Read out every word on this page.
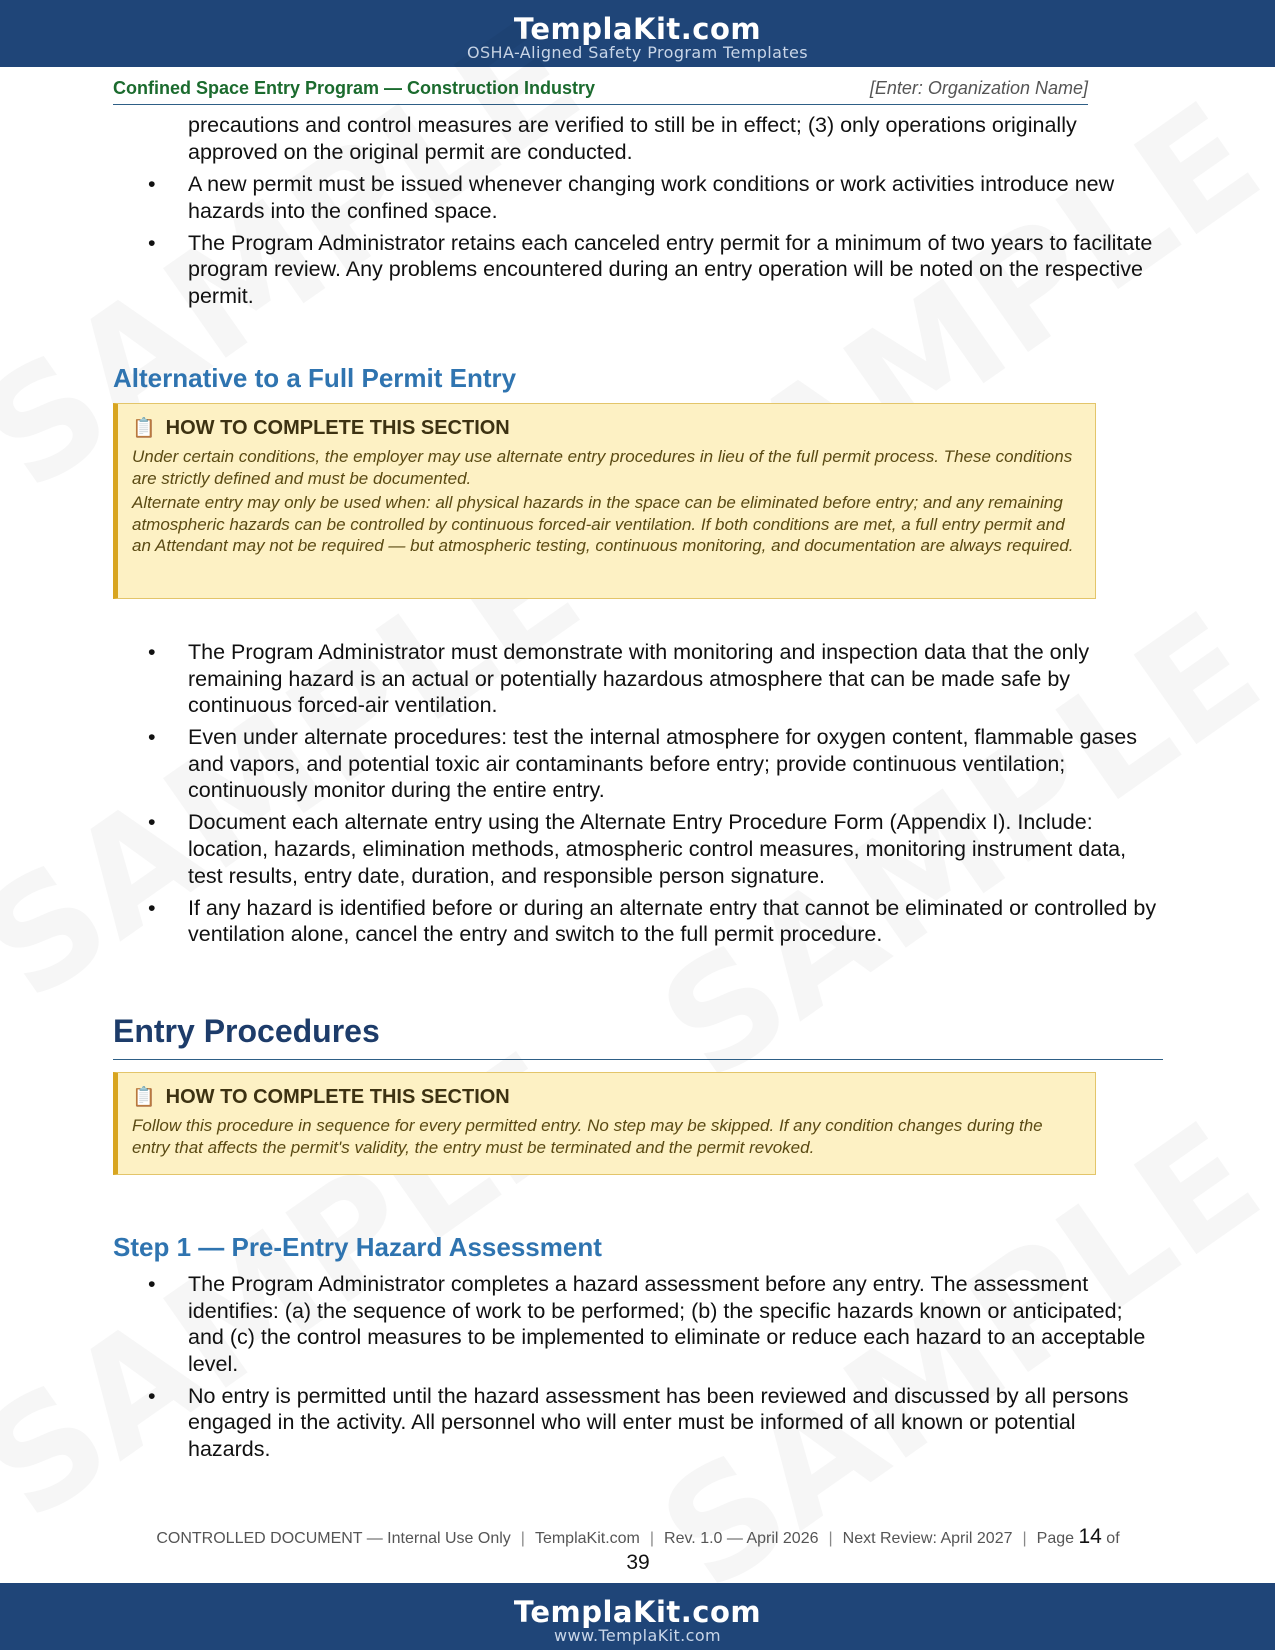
TemplaKit.com
OSHA-Aligned Safety Program Templates
Confined Space Entry Program — Construction Industry	[Enter: Organization Name]
precautions and control measures are verified to still be in effect; (3) only operations originally approved on the original permit are conducted.
• A new permit must be issued whenever changing work conditions or work activities introduce new hazards into the confined space.
• The Program Administrator retains each canceled entry permit for a minimum of two years to facilitate program review. Any problems encountered during an entry operation will be noted on the respective permit.
Alternative to a Full Permit Entry
📋 HOW TO COMPLETE THIS SECTION

Under certain conditions, the employer may use alternate entry procedures in lieu of the full permit process. These conditions are strictly defined and must be documented.

Alternate entry may only be used when: all physical hazards in the space can be eliminated before entry; and any remaining atmospheric hazards can be controlled by continuous forced-air ventilation. If both conditions are met, a full entry permit and an Attendant may not be required — but atmospheric testing, continuous monitoring, and documentation are always required.

• The Program Administrator must demonstrate with monitoring and inspection data that the only remaining hazard is an actual or potentially hazardous atmosphere that can be made safe by continuous forced-air ventilation.
• Even under alternate procedures: test the internal atmosphere for oxygen content, flammable gases and vapors, and potential toxic air contaminants before entry; provide continuous ventilation; continuously monitor during the entire entry.
• Document each alternate entry using the Alternate Entry Procedure Form (Appendix I). Include: location, hazards, elimination methods, atmospheric control measures, monitoring instrument data, test results, entry date, duration, and responsible person signature.
• If any hazard is identified before or during an alternate entry that cannot be eliminated or controlled by ventilation alone, cancel the entry and switch to the full permit procedure.
Entry Procedures
📋 HOW TO COMPLETE THIS SECTION

Follow this procedure in sequence for every permitted entry. No step may be skipped. If any condition changes during the entry that affects the permit's validity, the entry must be terminated and the permit revoked.

Step 1 — Pre-Entry Hazard Assessment
• The Program Administrator completes a hazard assessment before any entry. The assessment identifies: (a) the sequence of work to be performed; (b) the specific hazards known or anticipated; and (c) the control measures to be implemented to eliminate or reduce each hazard to an acceptable level.
• No entry is permitted until the hazard assessment has been reviewed and discussed by all persons engaged in the activity. All personnel who will enter must be informed of all known or potential hazards.
CONTROLLED DOCUMENT — Internal Use Only | TemplaKit.com | Rev. 1.0 — April 2026 | Next Review: April 2027 | Page 14 of
39
TemplaKit.com
www.TemplaKit.com
